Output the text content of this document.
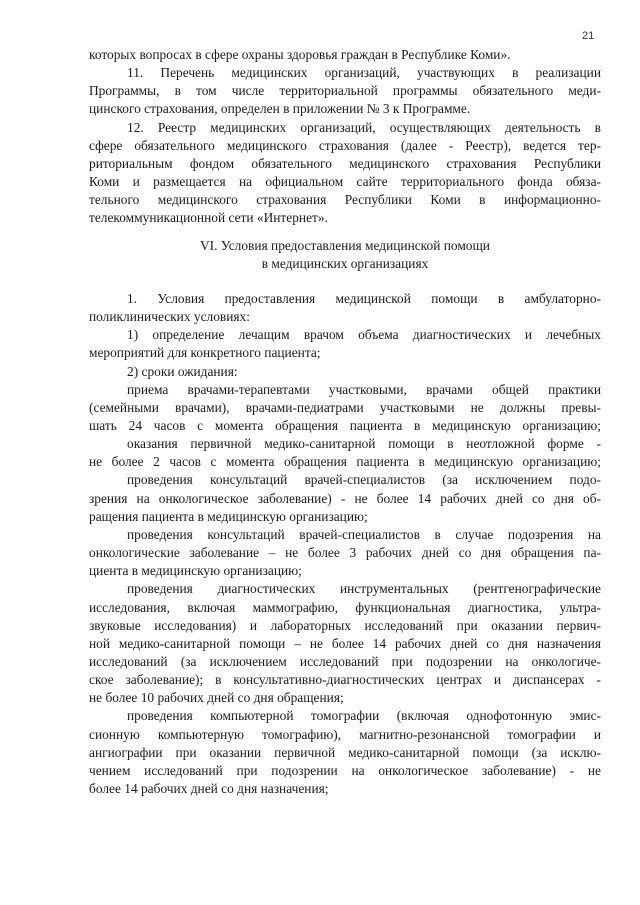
21
которых вопросах в сфере охраны здоровья граждан в Республике Коми».
11. Перечень медицинских организаций, участвующих в реализации
Программы, в том числе территориальной программы обязательного меди-
цинского страхования, определен в приложении № 3 к Программе.
12. Реестр медицинских организаций, осуществляющих деятельность в
сфере обязательного медицинского страхования (далее - Реестр), ведется тер-
риториальным фондом обязательного медицинского страхования Республики
Коми и размещается на официальном сайте территориального фонда обяза-
тельного медицинского страхования Республики Коми в информационно-
телекоммуникационной сети «Интернет».
VI. Условия предоставления медицинской помощи
в медицинских организациях
1. Условия предоставления медицинской помощи в амбулаторно-
поликлинических условиях:
1) определение лечащим врачом объема диагностических и лечебных
мероприятий для конкретного пациента;
2) сроки ожидания:
приема врачами-терапевтами участковыми, врачами общей практики
(семейными врачами), врачами-педиатрами участковыми не должны превы-
шать 24 часов с момента обращения пациента в медицинскую организацию;
оказания первичной медико-санитарной помощи в неотложной форме -
не более 2 часов с момента обращения пациента в медицинскую организацию;
проведения консультаций врачей-специалистов (за исключением подо-
зрения на онкологическое заболевание) - не более 14 рабочих дней со дня об-
ращения пациента в медицинскую организацию;
проведения консультаций врачей-специалистов в случае подозрения на
онкологические заболевание – не более 3 рабочих дней со дня обращения па-
циента в медицинскую организацию;
проведения диагностических инструментальных (рентгенографические
исследования, включая маммографию, функциональная диагностика, ультра-
звуковые исследования) и лабораторных исследований при оказании первич-
ной медико-санитарной помощи – не более 14 рабочих дней со дня назначения
исследований (за исключением исследований при подозрении на онкологиче-
ское заболевание); в консультативно-диагностических центрах и диспансерах -
не более 10 рабочих дней со дня обращения;
проведения компьютерной томографии (включая однофотонную эмис-
сионную компьютерную томографию), магнитно-резонансной томографии и
ангиографии при оказании первичной медико-санитарной помощи (за исклю-
чением исследований при подозрении на онкологическое заболевание) - не
более 14 рабочих дней со дня назначения;
